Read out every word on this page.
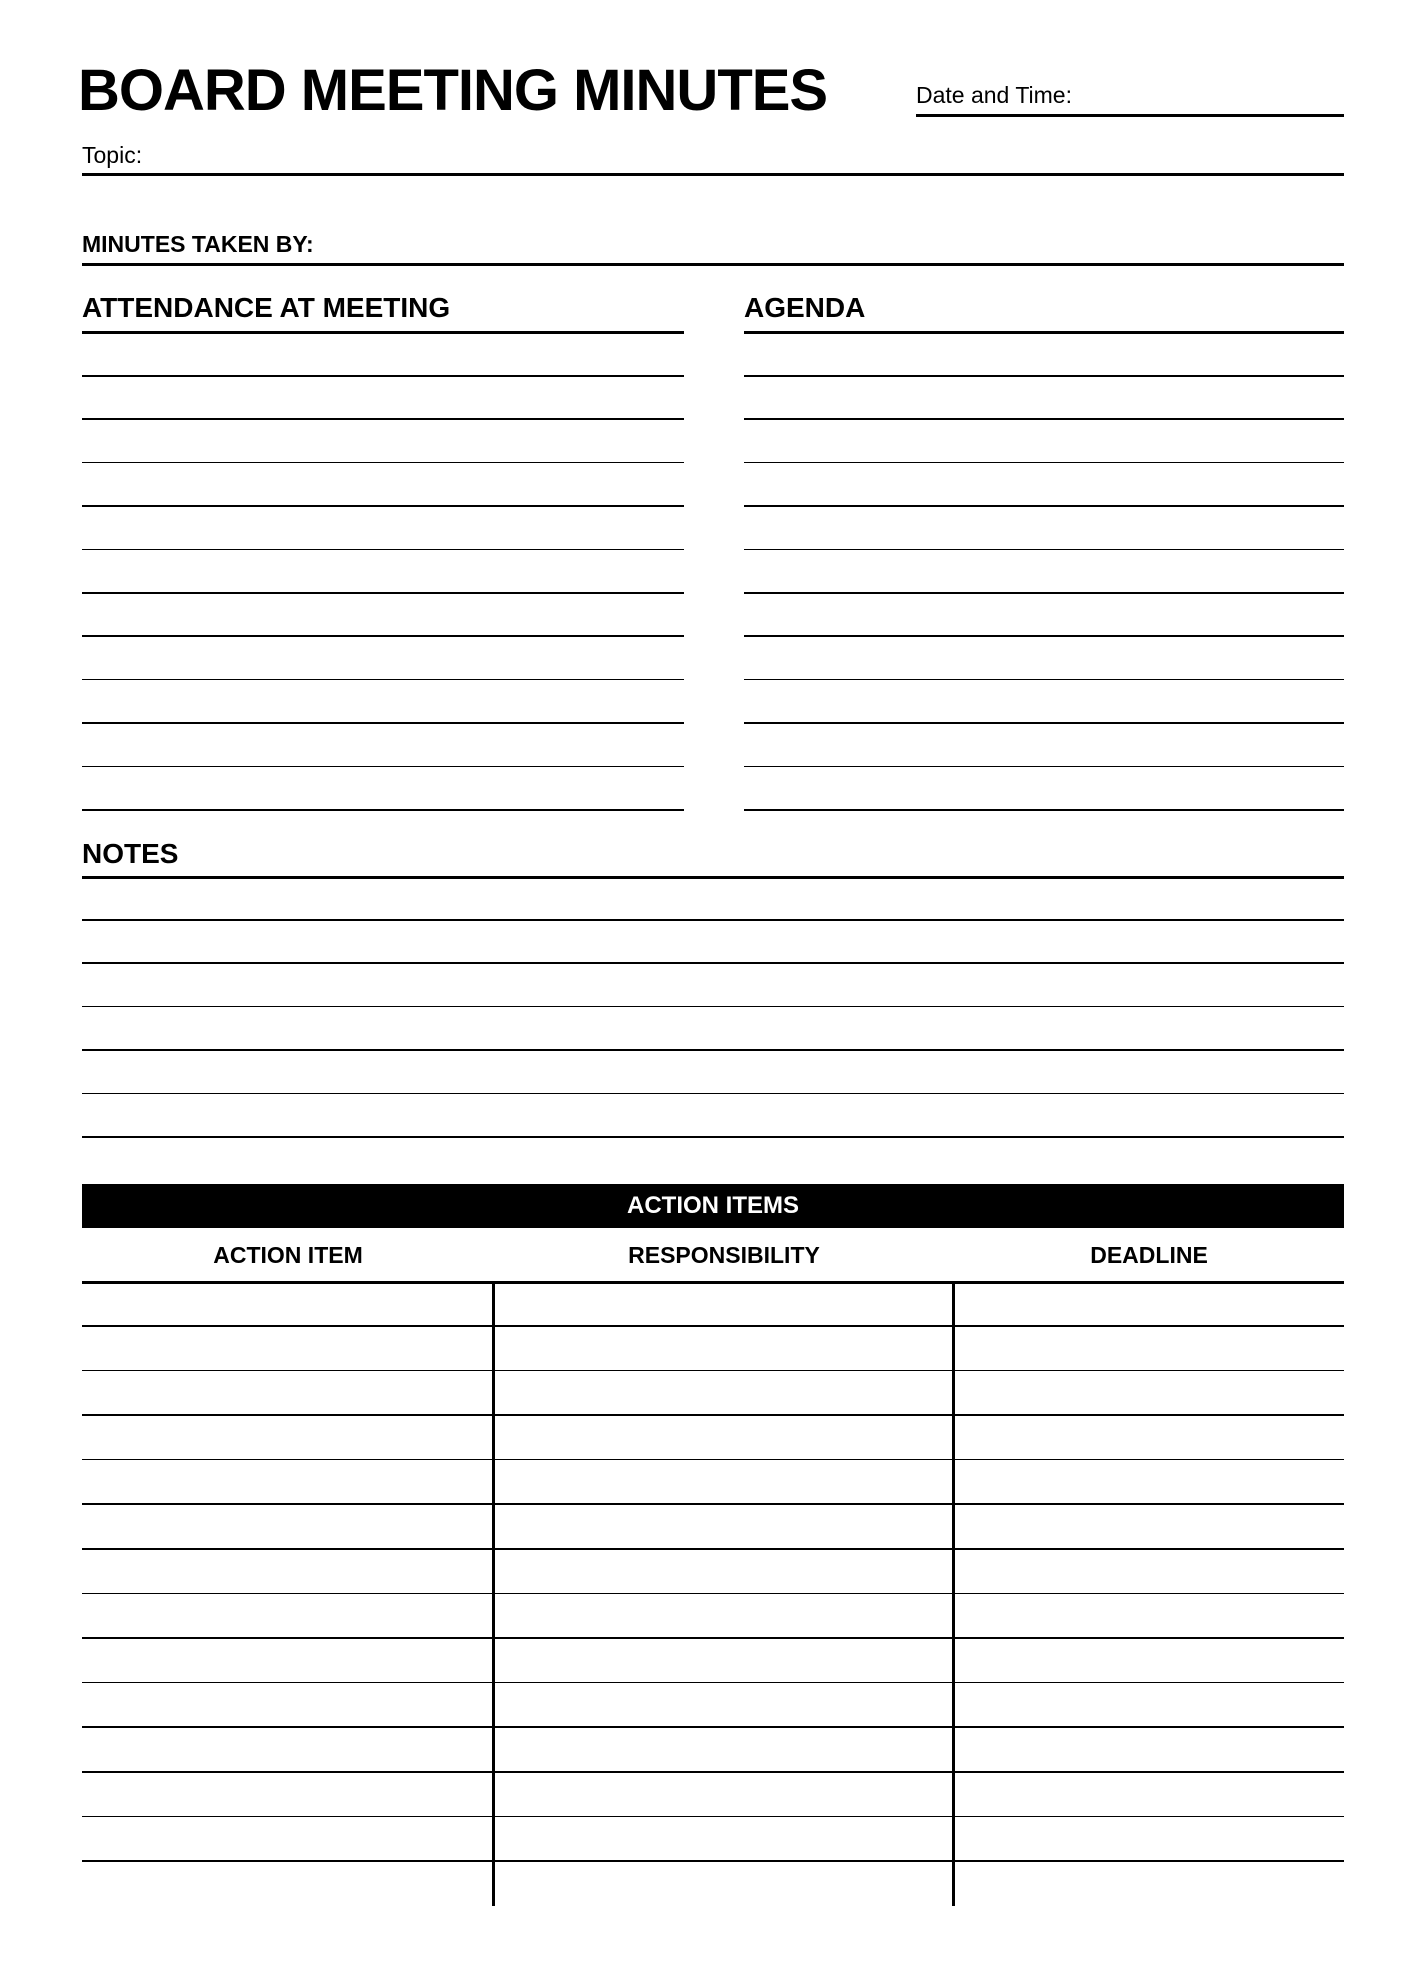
BOARD MEETING MINUTES	Date and Time:
Topic:
MINUTES TAKEN BY:
ATTENDANCE AT MEETING	AGENDA
NOTES
ACTION ITEMS
ACTION ITEM	RESPONSIBILITY	DEADLINE
